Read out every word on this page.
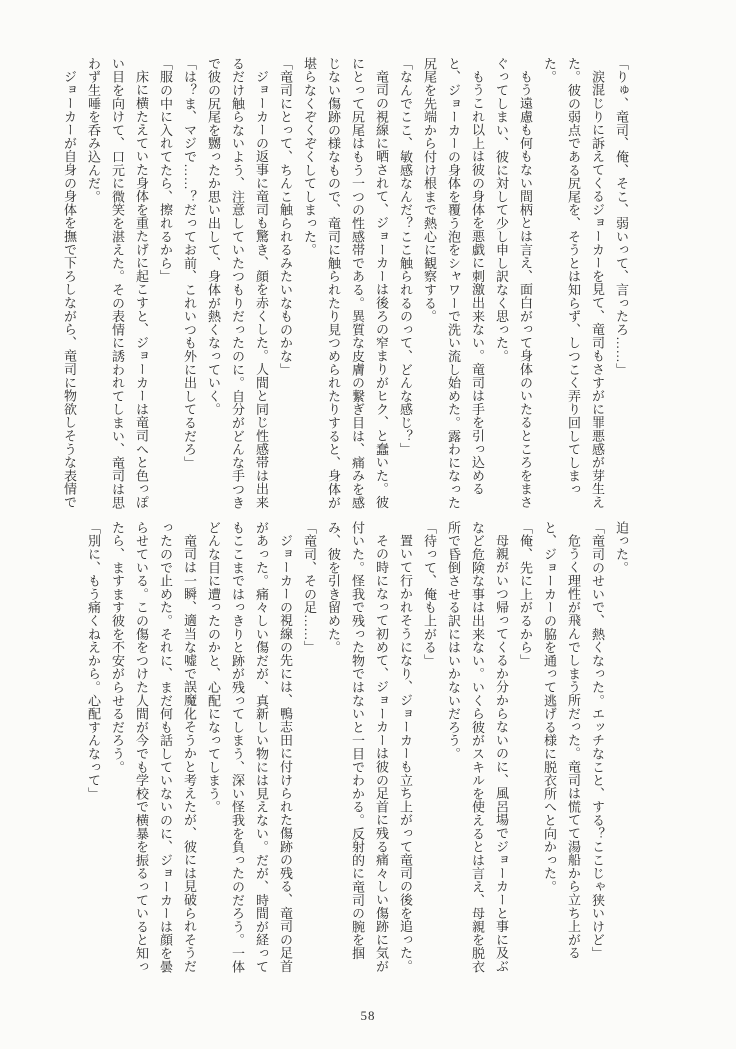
「りゅ、竜司、俺、そこ、弱いって、言ったろ……」

涙混じりに訴えてくるジョーカーを見て、竜司もさすがに罪悪感が芽生えた。彼の弱点である尻尾を、そうとは知らず、しつこく弄り回してしまった。

もう遠慮も何もない間柄とは言え、面白がって身体のいたるところをまさぐってしまい、彼に対して少し申し訳なく思った。

もうこれ以上は彼の身体を悪戯に刺激出来ない。竜司は手を引っ込めると、ジョーカーの身体を覆う泡をシャワーで洗い流し始めた。露わになった尻尾を先端から付け根まで熱心に観察する。

「なんでここ、敏感なんだ？ここ触られるのって、どんな感じ？」

竜司の視線に晒されて、ジョーカーは後ろの窄まりがヒク、と蠢いた。彼にとって尻尾はもう一つの性感帯である。異質な皮膚の繋ぎ目は、痛みを感じない傷跡の様なもので、竜司に触られたり見つめられたりすると、身体が堪らなくぞくぞくしてしまった。

「竜司にとって、ちんこ触られるみたいなものかな」

ジョーカーの返事に竜司も驚き、顔を赤くした。人間と同じ性感帯は出来るだけ触らないよう、注意していたつもりだったのに。自分がどんな手つきで彼の尻尾を嬲ったか思い出して、身体が熱くなっていく。

「は？ま、マジで……？だってお前、これいつも外に出してるだろ」

「服の中に入れてたら、擦れるから」

床に横たえていた身体を重たげに起こすと、ジョーカーは竜司へと色っぽい目を向けて、口元に微笑を湛えた。その表情に誘われてしまい、竜司は思わず生唾を呑み込んだ。

ジョーカーが自身の身体を撫で下ろしながら、竜司に物欲しそうな表情で

迫った。

「竜司のせいで、熱くなった。エッチなこと、する？ここじゃ狭いけど」

危うく理性が飛んでしまう所だった。竜司は慌てて湯船から立ち上がると、ジョーカーの脇を通って逃げる様に脱衣所へと向かった。

「俺、先に上がるから」

母親がいつ帰ってくるか分からないのに、風呂場でジョーカーと事に及ぶなど危険な事は出来ない。いくら彼がスキルを使えるとは言え、母親を脱衣所で昏倒させる訳にはいかないだろう。

「待って、俺も上がる」

置いて行かれそうになり、ジョーカーも立ち上がって竜司の後を追った。

その時になって初めて、ジョーカーは彼の足首に残る痛々しい傷跡に気が付いた。怪我で残った物ではないと一目でわかる。反射的に竜司の腕を掴み、彼を引き留めた。

「竜司、その足……」

ジョーカーの視線の先には、鴨志田に付けられた傷跡の残る、竜司の足首があった。痛々しい傷だが、真新しい物には見えない。だが、時間が経ってもここまではっきりと跡が残ってしまう、深い怪我を負ったのだろう。一体どんな目に遭ったのかと、心配になってしまう。

竜司は一瞬、適当な嘘で誤魔化そうかと考えたが、彼には見破られそうだったので止めた。それに、まだ何も話していないのに、ジョーカーは顔を曇らせている。この傷をつけた人間が今でも学校で横暴を振るっていると知ったら、ますます彼を不安がらせるだろう。

「別に、もう痛くねえから。心配すんなって」

58
